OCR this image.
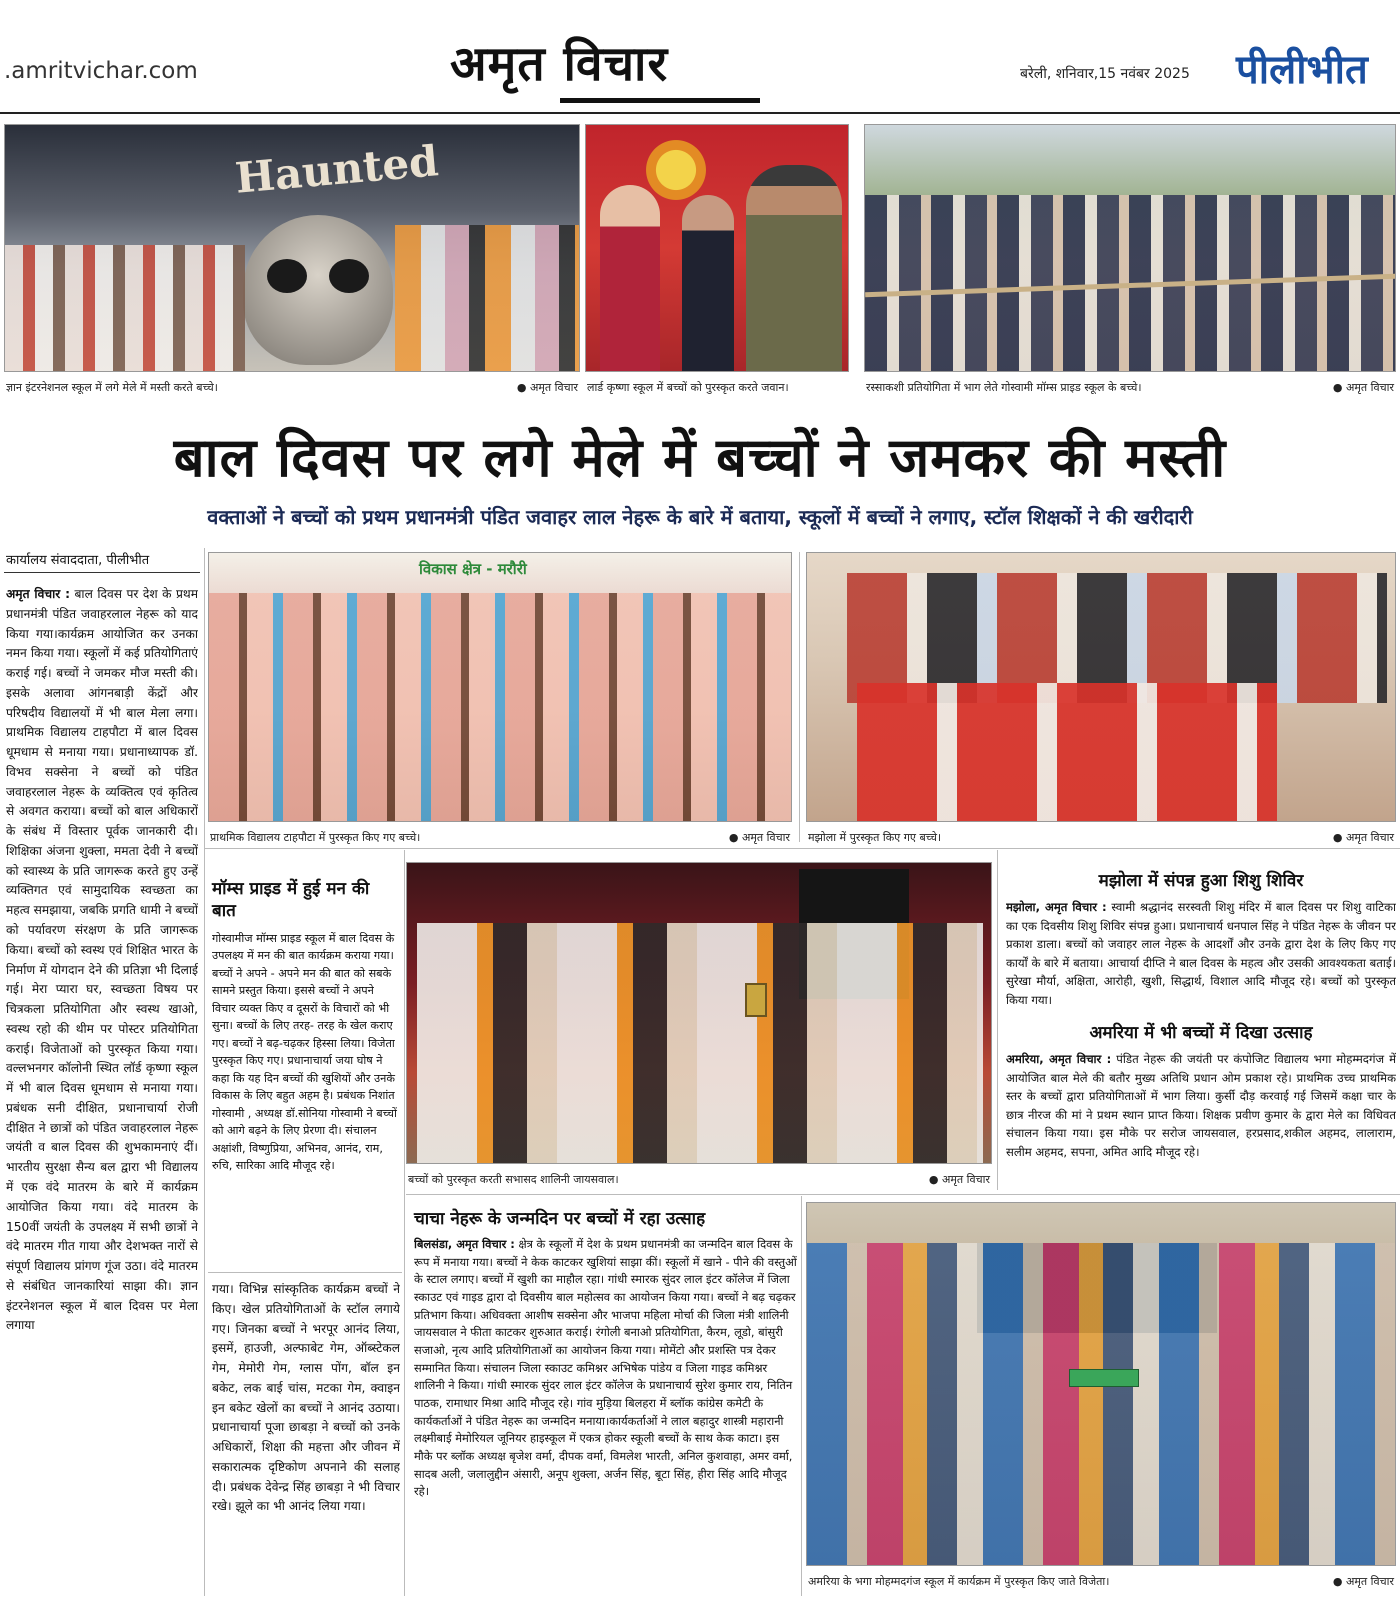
.amritvichar.com	अमृत विचार	बरेली, शनिवार,15 नवंबर 2025 पीलीभीत
Haunted
ज्ञान इंटरनेशनल स्कूल में लगे मेले में मस्ती करते बच्चे।	● अमृत विचार लार्ड कृष्णा स्कूल में बच्चों को पुरस्कृत करते जवान।	रस्साकशी प्रतियोगिता में भाग लेते गोस्वामी मॉम्स प्राइड स्कूल के बच्चे।	● अमृत विचार
बाल दिवस पर लगे मेले में बच्चों ने जमकर की मस्ती
वक्ताओं ने बच्चों को प्रथम प्रधानमंत्री पंडित जवाहर लाल नेहरू के बारे में बताया, स्कूलों में बच्चों ने लगाए, स्टॉल शिक्षकों ने की खरीदारी
कार्यालय संवाददाता, पीलीभीत
अमृत विचार : बाल दिवस पर देश के प्रथम प्रधानमंत्री पंडित जवाहरलाल नेहरू को याद किया गया।कार्यक्रम आयोजित कर उनका नमन किया गया। स्कूलों में कई प्रतियोगिताएं कराई गई। बच्चों ने जमकर मौज मस्ती की। इसके अलावा आंगनबाड़ी केंद्रों और परिषदीय विद्यालयों में भी बाल मेला लगा। प्राथमिक विद्यालय टाहपौटा में बाल दिवस धूमधाम से मनाया गया। प्रधानाध्यापक डॉ. विभव सक्सेना ने बच्चों को पंडित जवाहरलाल नेहरू के व्यक्तित्व एवं कृतित्व से अवगत कराया। बच्चों को बाल अधिकारों के संबंध में विस्तार पूर्वक जानकारी दी। शिक्षिका अंजना शुक्ला, ममता देवी ने बच्चों को स्वास्थ्य के प्रति जागरूक करते हुए उन्हें व्यक्तिगत एवं सामुदायिक स्वच्छता का महत्व समझाया, जबकि प्रगति धामी ने बच्चों को पर्यावरण संरक्षण के प्रति जागरूक किया। बच्चों को स्वस्थ एवं शिक्षित भारत के निर्माण में योगदान देने की प्रतिज्ञा भी दिलाई गई। मेरा प्यारा घर, स्वच्छता विषय पर चित्रकला प्रतियोगिता और स्वस्थ खाओ, स्वस्थ रहो की थीम पर पोस्टर प्रतियोगिता कराई। विजेताओं को पुरस्कृत किया गया। वल्लभनगर कॉलोनी स्थित लॉर्ड कृष्णा स्कूल में भी बाल दिवस धूमधाम से मनाया गया। प्रबंधक सनी दीक्षित, प्रधानाचार्या रोजी दीक्षित ने छात्रों को पंडित जवाहरलाल नेहरू जयंती व बाल दिवस की शुभकामनाएं दीं। भारतीय सुरक्षा सैन्य बल द्वारा भी विद्यालय में एक वंदे मातरम के बारे में कार्यक्रम आयोजित किया गया। वंदे मातरम के 150वीं जयंती के उपलक्ष्य में सभी छात्रों ने वंदे मातरम गीत गाया और देशभक्त नारों से संपूर्ण विद्यालय प्रांगण गूंज उठा। वंदे मातरम से संबंधित जानकारियां साझा की। ज्ञान इंटरनेशनल स्कूल में बाल दिवस पर मेला लगाया
विकास क्षेत्र - मरौरी
प्राथमिक विद्यालय टाहपौटा में पुरस्कृत किए गए बच्चे।	● अमृत विचार मझोला में पुरस्कृत किए गए बच्चे।	● अमृत विचार
मॉम्स प्राइड में हुई मन की बात
गोस्वामीज मॉम्स प्राइड स्कूल में बाल दिवस के उपलक्ष्य में मन की बात कार्यक्रम कराया गया। बच्चों ने अपने - अपने मन की बात को सबके सामने प्रस्तुत किया। इससे बच्चों ने अपने विचार व्यक्त किए व दूसरों के विचारों को भी सुना। बच्चों के लिए तरह- तरह के खेल कराए गए। बच्चों ने बढ़-चढ़कर हिस्सा लिया। विजेता पुरस्कृत किए गए। प्रधानाचार्या जया घोष ने कहा कि यह दिन बच्चों की खुशियों और उनके विकास के लिए बहुत अहम है। प्रबंधक निशांत गोस्वामी , अध्यक्ष डॉ.सोनिया गोस्वामी ने बच्चों को आगे बढ़ने के लिए प्रेरणा दी। संचालन अक्षांशी, विष्णुप्रिया, अभिनव, आनंद, राम, रुचि, सारिका आदि मौजूद रहे।
गया। विभिन्न सांस्कृतिक कार्यक्रम बच्चों ने किए। खेल प्रतियोगिताओं के स्टॉल लगाये गए। जिनका बच्चों ने भरपूर आनंद लिया, इसमें, हाउजी, अल्फाबेट गेम, ऑब्स्टेकल गेम, मेमोरी गेम, ग्लास पोंग, बॉल इन बकेट, लक बाई चांस, मटका गेम, क्वाइन इन बकेट खेलों का बच्चों ने आनंद उठाया। प्रधानाचार्या पूजा छाबड़ा ने बच्चों को उनके अधिकारों, शिक्षा की महत्ता और जीवन में सकारात्मक दृष्टिकोण अपनाने की सलाह दी। प्रबंधक देवेन्द्र सिंह छाबड़ा ने भी विचार रखे। झूले का भी आनंद लिया गया।
बच्चों को पुरस्कृत करती सभासद शालिनी जायसवाल।	● अमृत विचार
मझोला में संपन्न हुआ शिशु शिविर
मझोला, अमृत विचार : स्वामी श्रद्धानंद सरस्वती शिशु मंदिर में बाल दिवस पर शिशु वाटिका का एक दिवसीय शिशु शिविर संपन्न हुआ। प्रधानाचार्य धनपाल सिंह ने पंडित नेहरू के जीवन पर प्रकाश डाला। बच्चों को जवाहर लाल नेहरू के आदर्शों और उनके द्वारा देश के लिए किए गए कार्यों के बारे में बताया। आचार्या दीप्ति ने बाल दिवस के महत्व और उसकी आवश्यकता बताई। सुरेखा मौर्या, अक्षिता, आरोही, खुशी, सिद्धार्थ, विशाल आदि मौजूद रहे। बच्चों को पुरस्कृत किया गया।
अमरिया में भी बच्चों में दिखा उत्साह
अमरिया, अमृत विचार : पंडित नेहरू की जयंती पर कंपोजिट विद्यालय भगा मोहम्मदगंज में आयोजित बाल मेले की बतौर मुख्य अतिथि प्रधान ओम प्रकाश रहे। प्राथमिक उच्च प्राथमिक स्तर के बच्चों द्वारा प्रतियोगिताओं में भाग लिया। कुर्सी दौड़ करवाई गई जिसमें कक्षा चार के छात्र नीरज की मां ने प्रथम स्थान प्राप्त किया। शिक्षक प्रवीण कुमार के द्वारा मेले का विधिवत संचालन किया गया। इस मौके पर सरोज जायसवाल, हरप्रसाद,शकील अहमद, लालाराम, सलीम अहमद, सपना, अमित आदि मौजूद रहे।
चाचा नेहरू के जन्मदिन पर बच्चों में रहा उत्साह
बिलसंडा, अमृत विचार : क्षेत्र के स्कूलों में देश के प्रथम प्रधानमंत्री का जन्मदिन बाल दिवस के रूप में मनाया गया। बच्चों ने केक काटकर खुशियां साझा कीं। स्कूलों में खाने - पीने की वस्तुओं के स्टाल लगाए। बच्चों में खुशी का माहौल रहा। गांधी स्मारक सुंदर लाल इंटर कॉलेज में जिला स्काउट एवं गाइड द्वारा दो दिवसीय बाल महोत्सव का आयोजन किया गया। बच्चों ने बढ़ चढ़कर प्रतिभाग किया। अधिवक्ता आशीष सक्सेना और भाजपा महिला मोर्चा की जिला मंत्री शालिनी जायसवाल ने फीता काटकर शुरुआत कराई। रंगोली बनाओ प्रतियोगिता, कैरम, लूडो, बांसुरी सजाओ, नृत्य आदि प्रतियोगिताओं का आयोजन किया गया। मोमेंटो और प्रशस्ति पत्र देकर सम्मानित किया। संचालन जिला स्काउट कमिश्नर अभिषेक पांडेय व जिला गाइड कमिश्नर शालिनी ने किया। गांधी स्मारक सुंदर लाल इंटर कॉलेज के प्रधानाचार्य सुरेश कुमार राय, नितिन पाठक, रामाधार मिश्रा आदि मौजूद रहे। गांव मुड़िया बिलहरा में ब्लॉक कांग्रेस कमेटी के कार्यकर्ताओं ने पंडित नेहरू का जन्मदिन मनाया।कार्यकर्ताओं ने लाल बहादुर शास्त्री महारानी लक्ष्मीबाई मेमोरियल जूनियर हाइस्कूल में एकत्र होकर स्कूली बच्चों के साथ केक काटा। इस मौके पर ब्लॉक अध्यक्ष बृजेश वर्मा, दीपक वर्मा, विमलेश भारती, अनिल कुशवाहा, अमर वर्मा, सादब अली, जलालुद्दीन अंसारी, अनूप शुक्ला, अर्जन सिंह, बूटा सिंह, हीरा सिंह आदि मौजूद रहे।
अमरिया के भगा मोहम्मदगंज स्कूल में कार्यक्रम में पुरस्कृत किए जाते विजेता।	● अमृत विचार
